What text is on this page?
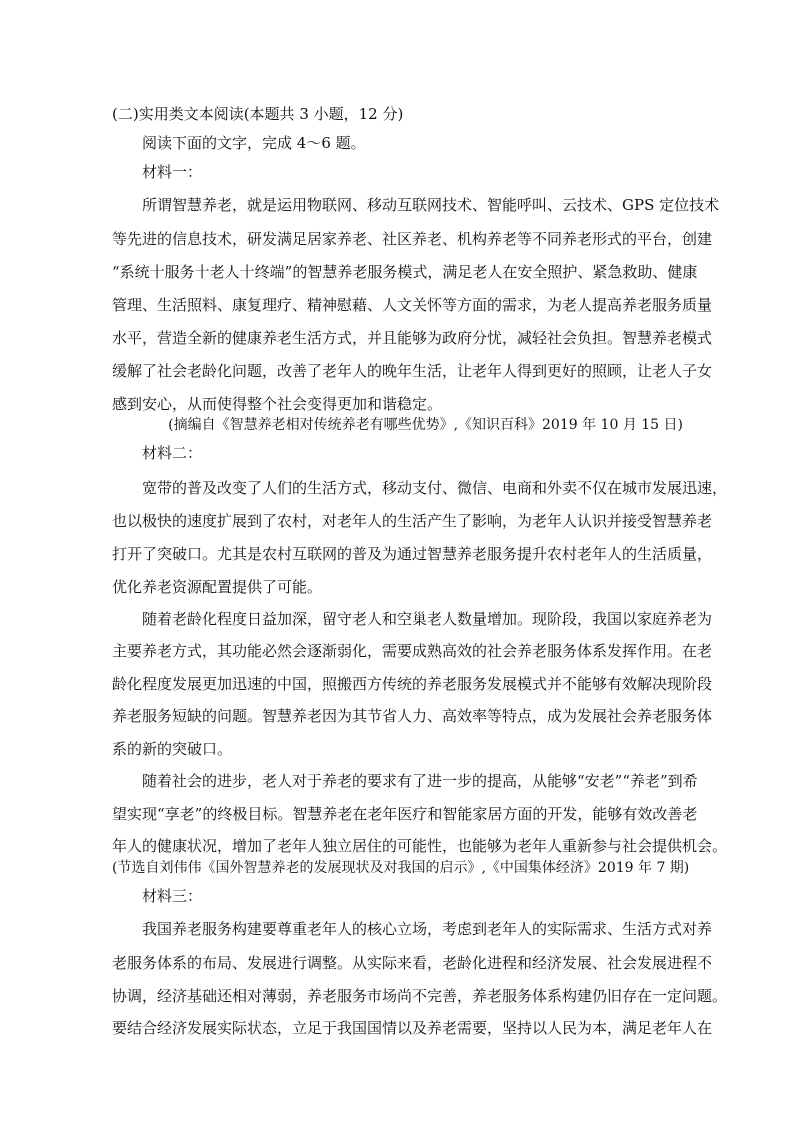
(二)实用类文本阅读(本题共 3 小题，12 分)
阅读下面的文字，完成 4～6 题。
材料一：
所谓智慧养老，就是运用物联网、移动互联网技术、智能呼叫、云技术、GPS 定位技术
等先进的信息技术，研发满足居家养老、社区养老、机构养老等不同养老形式的平台，创建
“系统十服务十老人十终端”的智慧养老服务模式，满足老人在安全照护、紧急救助、健康
管理、生活照料、康复理疗、精神慰藉、人文关怀等方面的需求，为老人提高养老服务质量
水平，营造全新的健康养老生活方式，并且能够为政府分忧，减轻社会负担。智慧养老模式
缓解了社会老龄化问题，改善了老年人的晚年生活，让老年人得到更好的照顾，让老人子女
感到安心，从而使得整个社会变得更加和谐稳定。
(摘编自《智慧养老相对传统养老有哪些优势》,《知识百科》2019 年 10 月 15 日)
材料二：
宽带的普及改变了人们的生活方式，移动支付、微信、电商和外卖不仅在城市发展迅速，
也以极快的速度扩展到了农村，对老年人的生活产生了影响，为老年人认识并接受智慧养老
打开了突破口。尤其是农村互联网的普及为通过智慧养老服务提升农村老年人的生活质量，
优化养老资源配置提供了可能。
随着老龄化程度日益加深，留守老人和空巢老人数量增加。现阶段，我国以家庭养老为
主要养老方式，其功能必然会逐渐弱化，需要成熟高效的社会养老服务体系发挥作用。在老
龄化程度发展更加迅速的中国，照搬西方传统的养老服务发展模式并不能够有效解决现阶段
养老服务短缺的问题。智慧养老因为其节省人力、高效率等特点，成为发展社会养老服务体
系的新的突破口。
随着社会的进步，老人对于养老的要求有了进一步的提高，从能够“安老”“养老”到希
望实现“享老”的终极目标。智慧养老在老年医疗和智能家居方面的开发，能够有效改善老
年人的健康状况，增加了老年人独立居住的可能性，也能够为老年人重新参与社会提供机会。
(节选自刘伟伟《国外智慧养老的发展现状及对我国的启示》,《中国集体经济》2019 年 7 期)
材料三：
我国养老服务构建要尊重老年人的核心立场，考虑到老年人的实际需求、生活方式对养
老服务体系的布局、发展进行调整。从实际来看，老龄化进程和经济发展、社会发展进程不
协调，经济基础还相对薄弱，养老服务市场尚不完善，养老服务体系构建仍旧存在一定问题。
要结合经济发展实际状态，立足于我国国情以及养老需要，坚持以人民为本，满足老年人在
